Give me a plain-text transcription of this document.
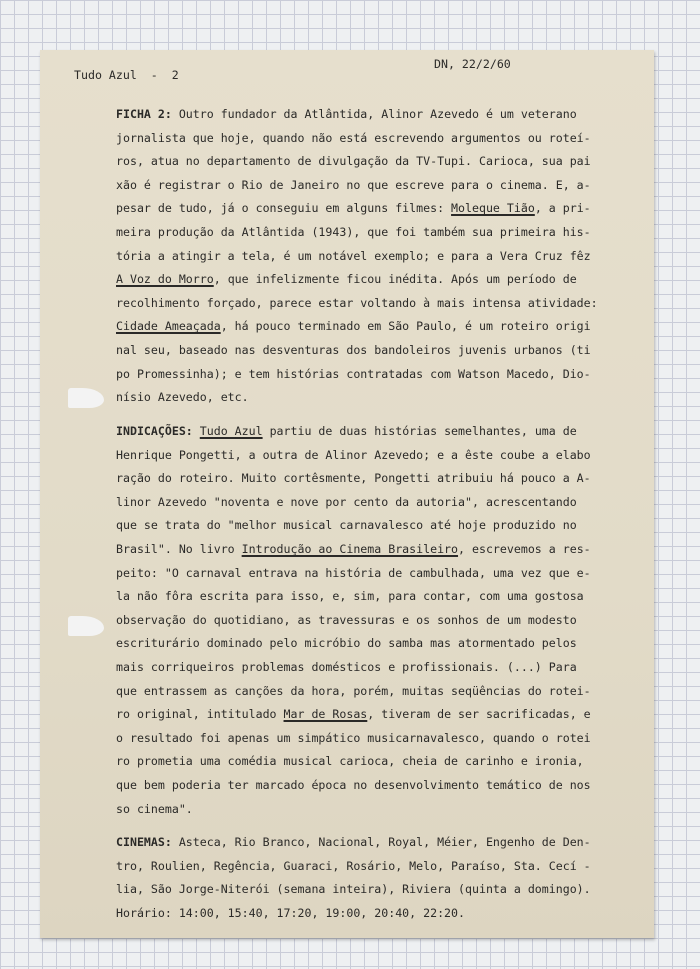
Tudo Azul  -  2
DN, 22/2/60
FICHA 2: Outro fundador da Atlântida, Alinor Azevedo é um veterano
jornalista que hoje, quando não está escrevendo argumentos ou roteí-
ros, atua no departamento de divulgação da TV-Tupi. Carioca, sua pai
xão é registrar o Rio de Janeiro no que escreve para o cinema. E, a-
pesar de tudo, já o conseguiu em alguns filmes: Moleque Tião, a pri-
meira produção da Atlântida (1943), que foi também sua primeira his-
tória a atingir a tela, é um notável exemplo; e para a Vera Cruz fêz
A Voz do Morro, que infelizmente ficou inédita. Após um período de
recolhimento forçado, parece estar voltando à mais intensa atividade:
Cidade Ameaçada, há pouco terminado em São Paulo, é um roteiro origi
nal seu, baseado nas desventuras dos bandoleiros juvenis urbanos (ti
po Promessinha); e tem histórias contratadas com Watson Macedo, Dio-
nísio Azevedo, etc.
INDICAÇÕES: Tudo Azul partiu de duas histórias semelhantes, uma de
Henrique Pongetti, a outra de Alinor Azevedo; e a êste coube a elabo
ração do roteiro. Muito cortêsmente, Pongetti atribuiu há pouco a A-
linor Azevedo "noventa e nove por cento da autoria", acrescentando
que se trata do "melhor musical carnavalesco até hoje produzido no
Brasil". No livro Introdução ao Cinema Brasileiro, escrevemos a res-
peito: "O carnaval entrava na história de cambulhada, uma vez que e-
la não fôra escrita para isso, e, sim, para contar, com uma gostosa
observação do quotidiano, as travessuras e os sonhos de um modesto
escriturário dominado pelo micróbio do samba mas atormentado pelos
mais corriqueiros problemas domésticos e profissionais. (...) Para
que entrassem as canções da hora, porém, muitas seqüências do rotei-
ro original, intitulado Mar de Rosas, tiveram de ser sacrificadas, e
o resultado foi apenas um simpático musicarnavalesco, quando o rotei
ro prometia uma comédia musical carioca, cheia de carinho e ironia,
que bem poderia ter marcado época no desenvolvimento temático de nos
so cinema".
CINEMAS: Asteca, Rio Branco, Nacional, Royal, Méier, Engenho de Den-
tro, Roulien, Regência, Guaraci, Rosário, Melo, Paraíso, Sta. Cecí -
lia, São Jorge-Niterói (semana inteira), Riviera (quinta a domingo).
Horário: 14:00, 15:40, 17:20, 19:00, 20:40, 22:20.
